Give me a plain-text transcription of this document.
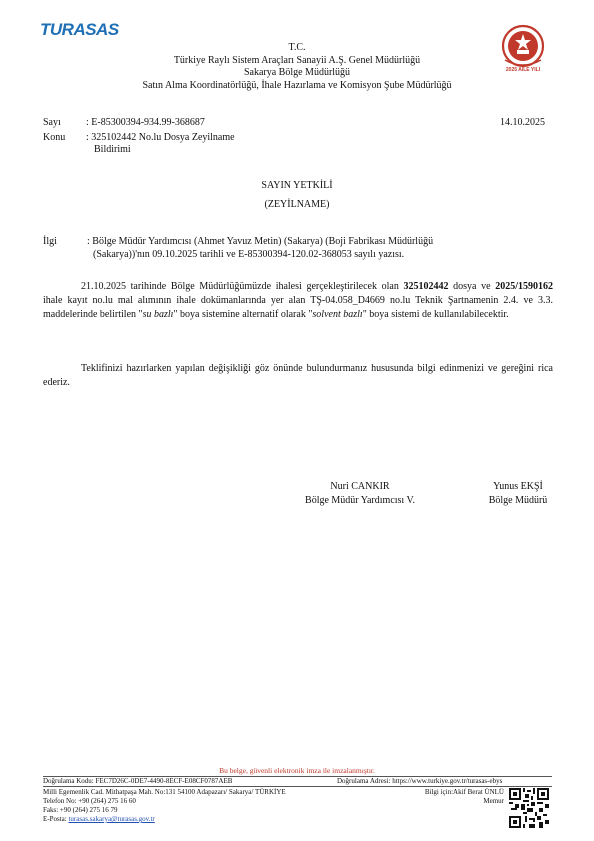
TURASAS
2025 AİLE YILI
T.C.
Türkiye Raylı Sistem Araçları Sanayii A.Ş. Genel Müdürlüğü
Sakarya Bölge Müdürlüğü
Satın Alma Koordinatörlüğü, İhale Hazırlama ve Komisyon Şube Müdürlüğü
Sayı	: E-85300394-934.99-368687	14.10.2025
Konu : 325102442 No.lu Dosya Zeyilname
Bildirimi
SAYIN YETKİLİ
(ZEYİLNAME)
İlgi	: Bölge Müdür Yardımcısı (Ahmet Yavuz Metin) (Sakarya) (Boji Fabrikası Müdürlüğü
(Sakarya))'nın 09.10.2025 tarihli ve E-85300394-120.02-368053 sayılı yazısı.
21.10.2025 tarihinde Bölge Müdürlüğümüzde ihalesi gerçekleştirilecek olan 325102442 dosya ve 2025/1590162 ihale kayıt no.lu mal alımının ihale dokümanlarında yer alan TŞ-04.058_D4669 no.lu Teknik Şartnamenin 2.4. ve 3.3. maddelerinde belirtilen "su bazlı" boya sistemine alternatif olarak "solvent bazlı" boya sistemi de kullanılabilecektir.
Teklifinizi hazırlarken yapılan değişikliği göz önünde bulundurmanız hususunda bilgi edinmenizi ve gereğini rica ederiz.
Nuri CANKIR
Bölge Müdür Yardımcısı V.
Yunus EKŞİ
Bölge Müdürü
Bu belge, güvenli elektronik imza ile imzalanmıştır.
Doğrulama Kodu: FEC7D26C-0DE7-4490-8ECF-E08CF0787AEB	Doğrulama Adresi: https://www.turkiye.gov.tr/turasas-ebys
Milli Egemenlik Cad. Mithatpaşa Mah. No:131 54100 Adapazarı/ Sakarya/ TÜRKİYE
Telefon No: +90 (264) 275 16 60
Faks: +90 (264) 275 16 79
E-Posta: turasas.sakarya@turasas.gov.tr
Bilgi için:Akif Berat ÜNLÜ
Memur
